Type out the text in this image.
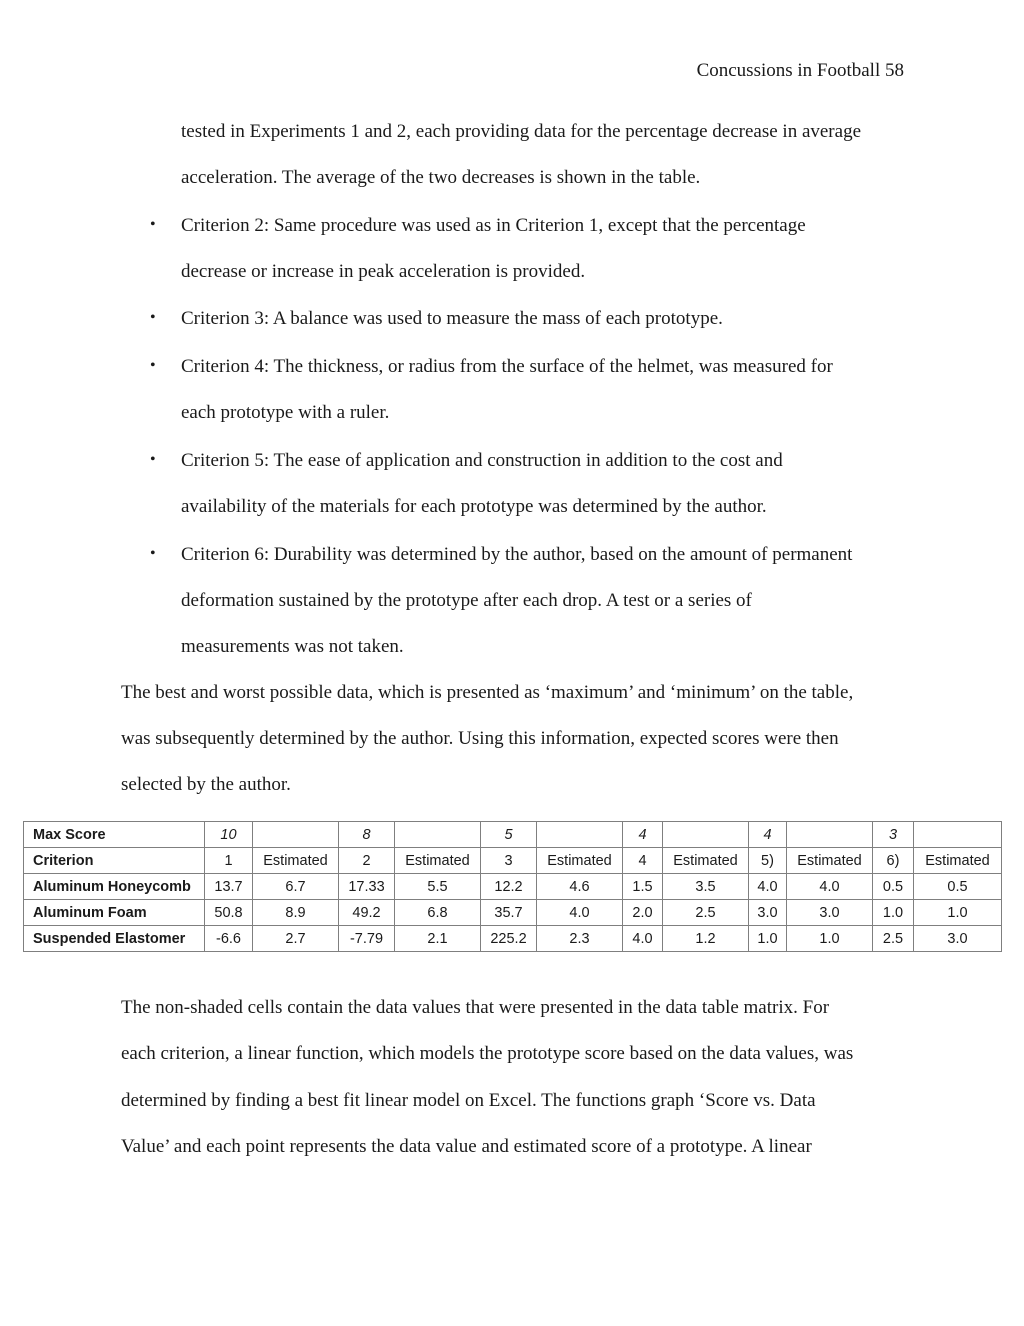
Concussions in Football 58
tested in Experiments 1 and 2, each providing data for the percentage decrease in average
acceleration. The average of the two decreases is shown in the table.
• Criterion 2: Same procedure was used as in Criterion 1, except that the percentage
decrease or increase in peak acceleration is provided.
• Criterion 3: A balance was used to measure the mass of each prototype.
• Criterion 4: The thickness, or radius from the surface of the helmet, was measured for
each prototype with a ruler.
• Criterion 5: The ease of application and construction in addition to the cost and
availability of the materials for each prototype was determined by the author.
• Criterion 6: Durability was determined by the author, based on the amount of permanent
deformation sustained by the prototype after each drop. A test or a series of
measurements was not taken.
The best and worst possible data, which is presented as ‘maximum’ and ‘minimum’ on the table,
was subsequently determined by the author. Using this information, expected scores were then
selected by the author.
Max Score	10		8		5		4		4		3	
Criterion	1	Estimated	2	Estimated	3	Estimated	4	Estimated	5)	Estimated	6)	Estimated
Aluminum Honeycomb	13.7	6.7	17.33	5.5	12.2	4.6	1.5	3.5	4.0	4.0	0.5	0.5
Aluminum Foam	50.8	8.9	49.2	6.8	35.7	4.0	2.0	2.5	3.0	3.0	1.0	1.0
Suspended Elastomer	-6.6	2.7	-7.79	2.1	225.2	2.3	4.0	1.2	1.0	1.0	2.5	3.0
The non-shaded cells contain the data values that were presented in the data table matrix. For
each criterion, a linear function, which models the prototype score based on the data values, was
determined by finding a best fit linear model on Excel. The functions graph ‘Score vs. Data
Value’ and each point represents the data value and estimated score of a prototype. A linear
